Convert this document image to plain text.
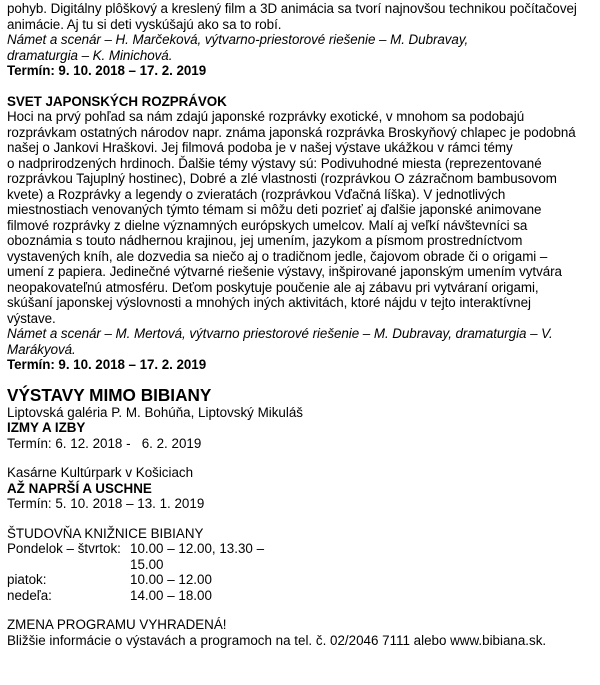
pohyb. Digitálny plôškový a kreslený film a 3D animácia sa tvorí najnovšou technikou počítačovej

animácie. Aj tu si deti vyskúšajú ako sa to robí.

Námet a scenár – H. Marčeková, výtvarno-priestorové riešenie – M. Dubravay,

dramaturgia – K. Minichová.

Termín: 9. 10. 2018 – 17. 2. 2019

SVET JAPONSKÝCH ROZPRÁVOK

Hoci na prvý pohľad sa nám zdajú japonské rozprávky exotické, v mnohom sa podobajú

rozprávkam ostatných národov napr. známa japonská rozprávka Broskyňový chlapec je podobná

našej o Jankovi Hraškovi. Jej filmová podoba je v našej výstave ukážkou v rámci témy

o nadprirodzených hrdinoch. Ďalšie témy výstavy sú: Podivuhodné miesta (reprezentované

rozprávkou Tajuplný hostinec), Dobré a zlé vlastnosti (rozprávkou O zázračnom bambusovom

kvete) a Rozprávky a legendy o zvieratách (rozprávkou Vďačná líška). V jednotlivých

miestnostiach venovaných týmto témam si môžu deti pozrieť aj ďalšie japonské animovane

filmové rozprávky z dielne významných európskych umelcov. Malí aj veľkí návštevníci sa

oboznámia s touto nádhernou krajinou, jej umením, jazykom a písmom prostredníctvom

vystavených kníh, ale dozvedia sa niečo aj o tradičnom jedle, čajovom obrade či o origami –

umení z papiera. Jedinečné výtvarné riešenie výstavy, inšpirované japonským umením vytvára

neopakovateľnú atmosféru. Deťom poskytuje poučenie ale aj zábavu pri vytváraní origami,

skúšaní japonskej výslovnosti a mnohých iných aktivitách, ktoré nájdu v tejto interaktívnej

výstave.

Námet a scenár – M. Mertová, výtvarno priestorové riešenie – M. Dubravay, dramaturgia – V.

Marákyová.

Termín: 9. 10. 2018 – 17. 2. 2019

VÝSTAVY MIMO BIBIANY

Liptovská galéria P. M. Bohúňa, Liptovský Mikuláš

IZMY A IZBY

Termín: 6. 12. 2018 -   6. 2. 2019

Kasárne Kultúrpark v Košiciach

AŽ NAPRŠÍ A USCHNE

Termín: 5. 10. 2018 – 13. 1. 2019

ŠTUDOVŇA KNIŽNICE BIBIANY

Pondelok – štvrtok: 10.00 – 12.00, 13.30 – 15.00
piatok:	10.00 – 12.00
nedeľa:	14.00 – 18.00

ZMENA PROGRAMU VYHRADENÁ!

Bližšie informácie o výstavách a programoch na tel. č. 02/2046 7111 alebo www.bibiana.sk.
